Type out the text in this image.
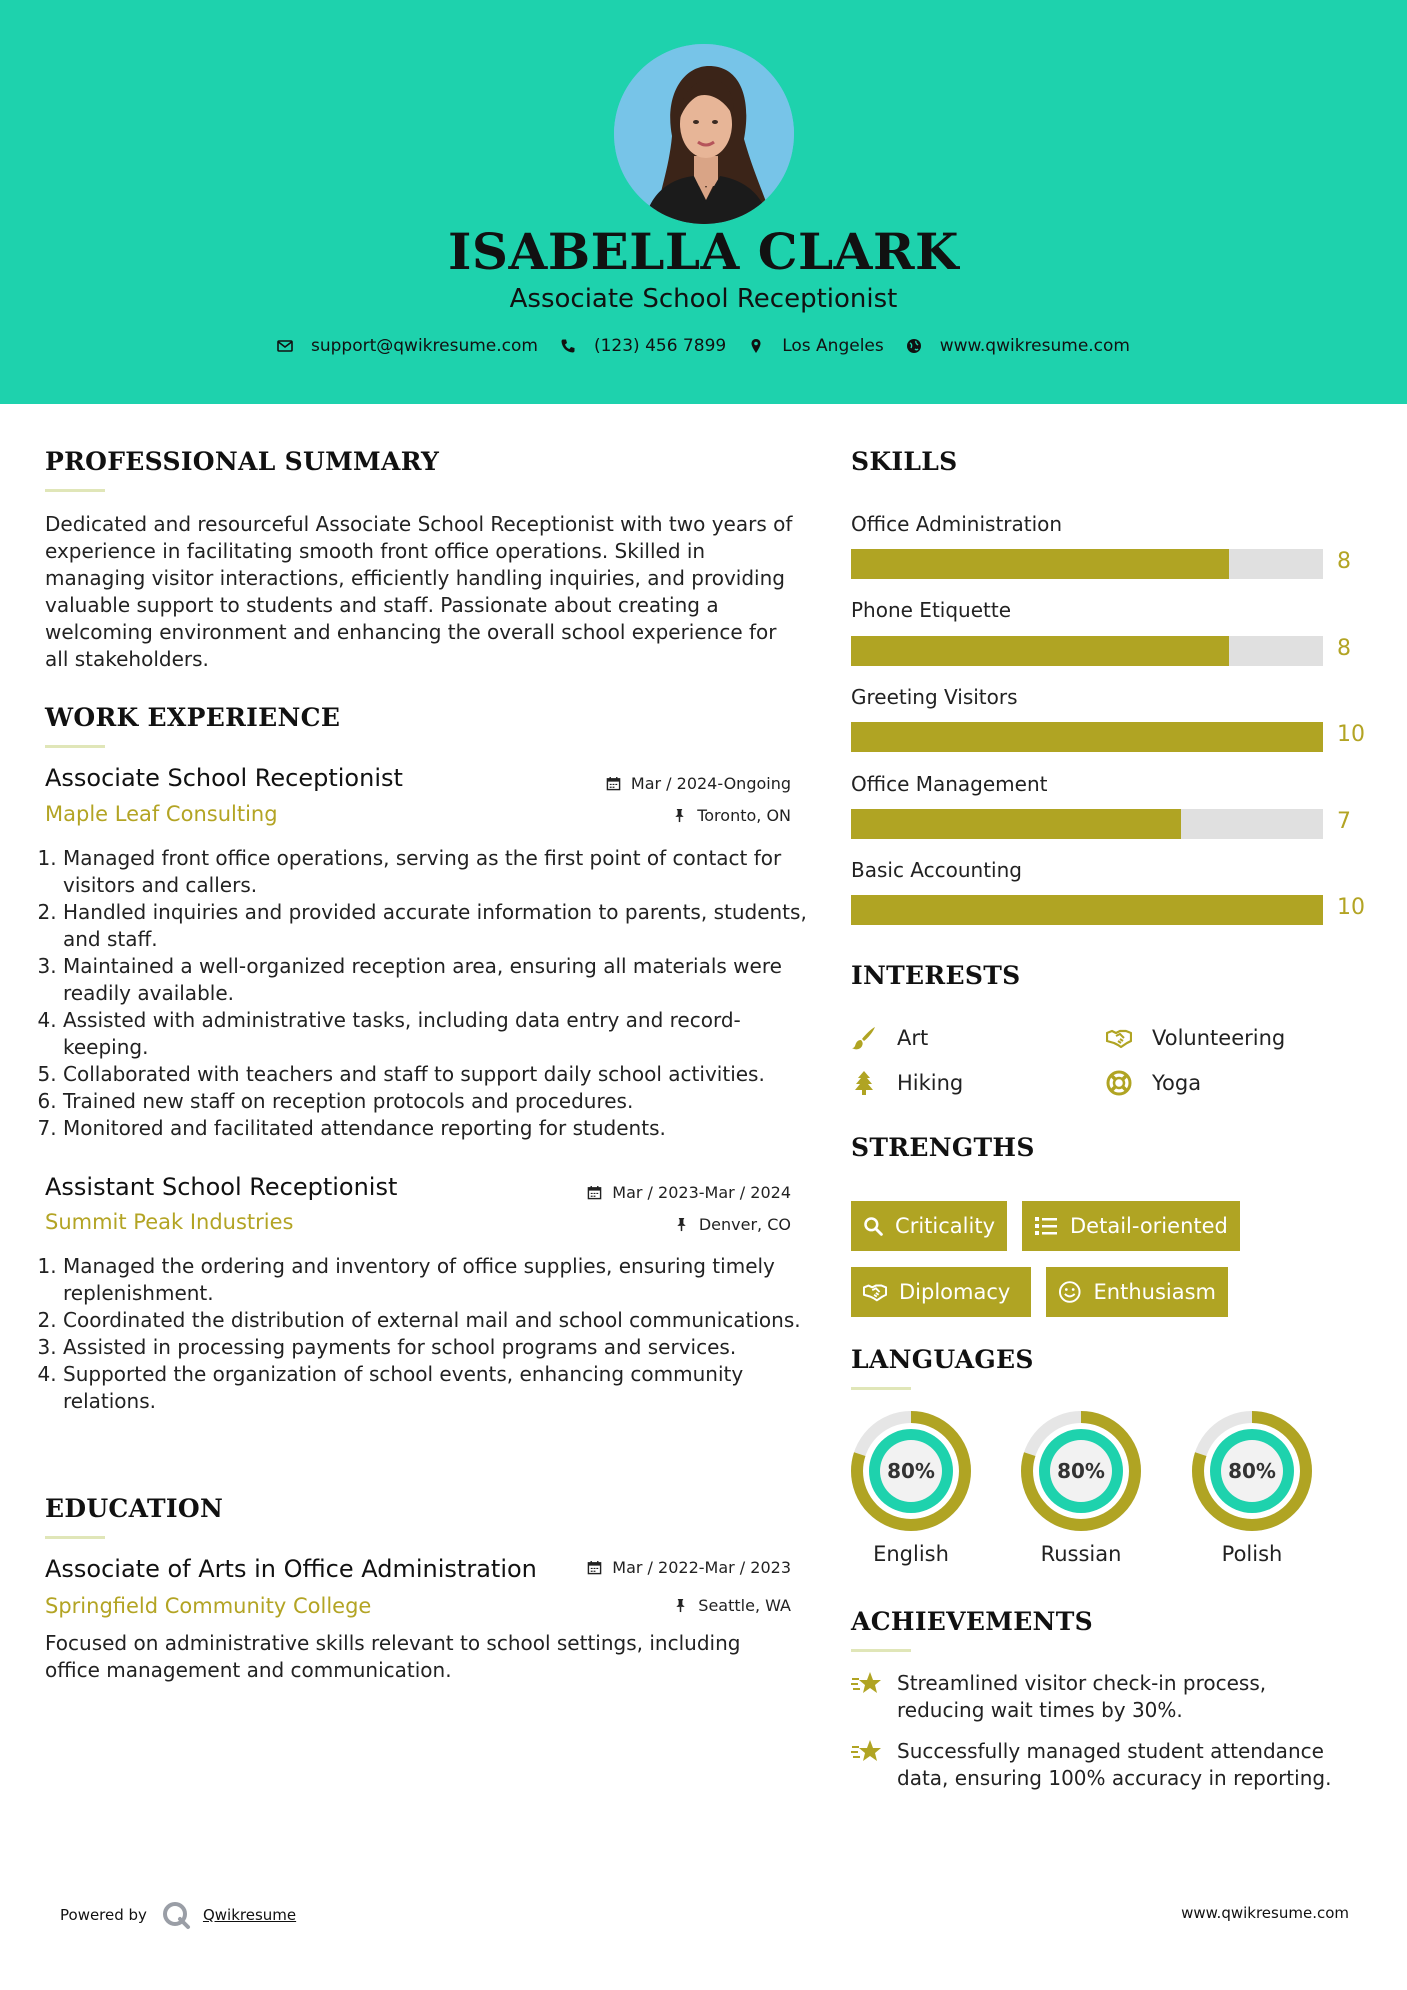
ISABELLA CLARK
Associate School Receptionist
support@qwikresume.com	(123) 456 7899	Los Angeles	www.qwikresume.com
PROFESSIONAL SUMMARY
Dedicated and resourceful Associate School Receptionist with two years of experience in facilitating smooth front office operations. Skilled in managing visitor interactions, efficiently handling inquiries, and providing valuable support to students and staff. Passionate about creating a welcoming environment and enhancing the overall school experience for all stakeholders.
WORK EXPERIENCE
Associate School Receptionist
Maple Leaf Consulting
Mar / 2024-Ongoing
Toronto, ON
1. Managed front office operations, serving as the first point of contact for visitors and callers.
2. Handled inquiries and provided accurate information to parents, students, and staff.
3. Maintained a well-organized reception area, ensuring all materials were readily available.
4. Assisted with administrative tasks, including data entry and record-keeping.
5. Collaborated with teachers and staff to support daily school activities.
6. Trained new staff on reception protocols and procedures.
7. Monitored and facilitated attendance reporting for students.
Assistant School Receptionist
Summit Peak Industries
Mar / 2023-Mar / 2024
Denver, CO
1. Managed the ordering and inventory of office supplies, ensuring timely replenishment.
2. Coordinated the distribution of external mail and school communications.
3. Assisted in processing payments for school programs and services.
4. Supported the organization of school events, enhancing community relations.
EDUCATION
Associate of Arts in Office Administration
Springfield Community College
Mar / 2022-Mar / 2023
Seattle, WA
Focused on administrative skills relevant to school settings, including office management and communication.
SKILLS
Office Administration
8
Phone Etiquette
8
Greeting Visitors
10
Office Management
7
Basic Accounting
10
INTERESTS
Art	Volunteering
Hiking	Yoga
STRENGTHS
Criticality	Detail-oriented
Diplomacy	Enthusiasm
LANGUAGES
80%
English
80%
Russian
80%
Polish
ACHIEVEMENTS
Streamlined visitor check-in process, reducing wait times by 30%.
Successfully managed student attendance data, ensuring 100% accuracy in reporting.
Powered by	Qwikresume	www.qwikresume.com
